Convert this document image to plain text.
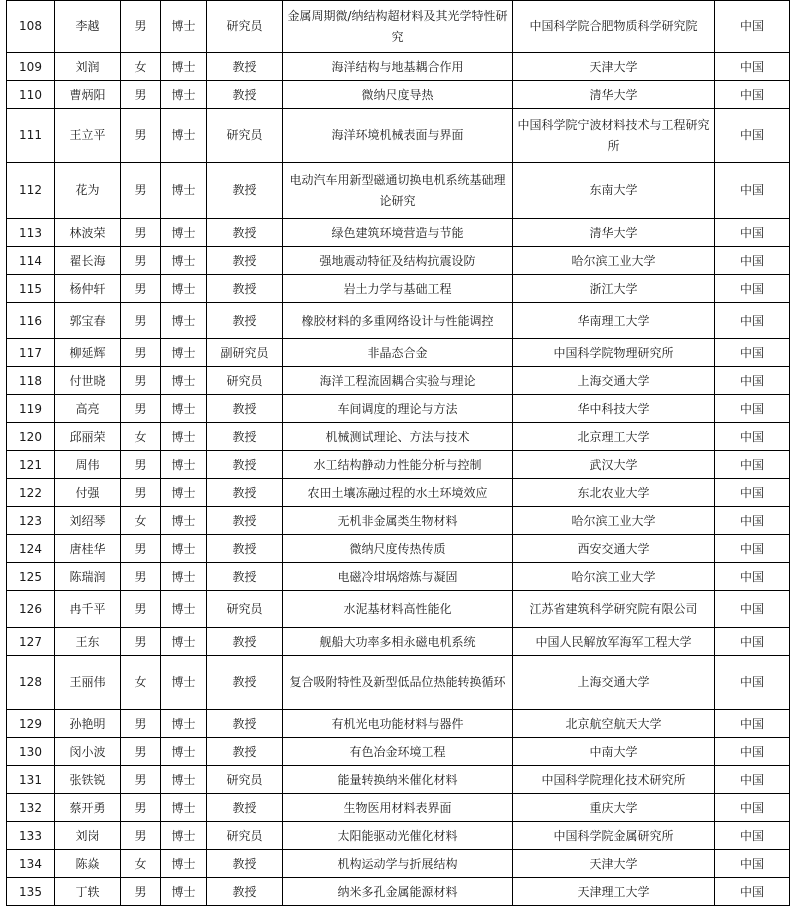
108	李越	男	博士	研究员	金属周期微/纳结构超材料及其光学特性研究	中国科学院合肥物质科学研究院	中国
109	刘润	女	博士	教授	海洋结构与地基耦合作用	天津大学	中国
110	曹炳阳	男	博士	教授	微纳尺度导热	清华大学	中国
111	王立平	男	博士	研究员	海洋环境机械表面与界面	中国科学院宁波材料技术与工程研究所	中国
112	花为	男	博士	教授	电动汽车用新型磁通切换电机系统基础理论研究	东南大学	中国
113	林波荣	男	博士	教授	绿色建筑环境营造与节能	清华大学	中国
114	翟长海	男	博士	教授	强地震动特征及结构抗震设防	哈尔滨工业大学	中国
115	杨仲轩	男	博士	教授	岩土力学与基础工程	浙江大学	中国
116	郭宝春	男	博士	教授	橡胶材料的多重网络设计与性能调控	华南理工大学	中国
117	柳延辉	男	博士	副研究员	非晶态合金	中国科学院物理研究所	中国
118	付世晓	男	博士	研究员	海洋工程流固耦合实验与理论	上海交通大学	中国
119	高亮	男	博士	教授	车间调度的理论与方法	华中科技大学	中国
120	邱丽荣	女	博士	教授	机械测试理论、方法与技术	北京理工大学	中国
121	周伟	男	博士	教授	水工结构静动力性能分析与控制	武汉大学	中国
122	付强	男	博士	教授	农田土壤冻融过程的水土环境效应	东北农业大学	中国
123	刘绍琴	女	博士	教授	无机非金属类生物材料	哈尔滨工业大学	中国
124	唐桂华	男	博士	教授	微纳尺度传热传质	西安交通大学	中国
125	陈瑞润	男	博士	教授	电磁冷坩埚熔炼与凝固	哈尔滨工业大学	中国
126	冉千平	男	博士	研究员	水泥基材料高性能化	江苏省建筑科学研究院有限公司	中国
127	王东	男	博士	教授	舰船大功率多相永磁电机系统	中国人民解放军海军工程大学	中国
128	王丽伟	女	博士	教授	复合吸附特性及新型低品位热能转换循环	上海交通大学	中国
129	孙艳明	男	博士	教授	有机光电功能材料与器件	北京航空航天大学	中国
130	闵小波	男	博士	教授	有色冶金环境工程	中南大学	中国
131	张铁锐	男	博士	研究员	能量转换纳米催化材料	中国科学院理化技术研究所	中国
132	蔡开勇	男	博士	教授	生物医用材料表界面	重庆大学	中国
133	刘岗	男	博士	研究员	太阳能驱动光催化材料	中国科学院金属研究所	中国
134	陈焱	女	博士	教授	机构运动学与折展结构	天津大学	中国
135	丁轶	男	博士	教授	纳米多孔金属能源材料	天津理工大学	中国
